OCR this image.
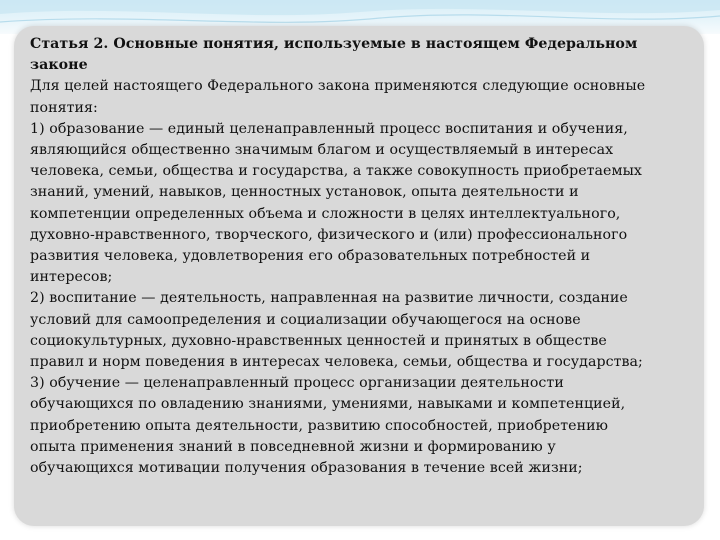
Статья 2. Основные понятия, используемые в настоящем Федеральном
законе
Для целей настоящего Федерального закона применяются следующие основные
понятия:
1) образование — единый целенаправленный процесс воспитания и обучения,
являющийся общественно значимым благом и осуществляемый в интересах
человека, семьи, общества и государства, а также совокупность приобретаемых
знаний, умений, навыков, ценностных установок, опыта деятельности и
компетенции определенных объема и сложности в целях интеллектуального,
духовно-нравственного, творческого, физического и (или) профессионального
развития человека, удовлетворения его образовательных потребностей и
интересов;
2) воспитание — деятельность, направленная на развитие личности, создание
условий для самоопределения и социализации обучающегося на основе
социокультурных, духовно-нравственных ценностей и принятых в обществе
правил и норм поведения в интересах человека, семьи, общества и государства;
3) обучение — целенаправленный процесс организации деятельности
обучающихся по овладению знаниями, умениями, навыками и компетенцией,
приобретению опыта деятельности, развитию способностей, приобретению
опыта применения знаний в повседневной жизни и формированию у
обучающихся мотивации получения образования в течение всей жизни;
